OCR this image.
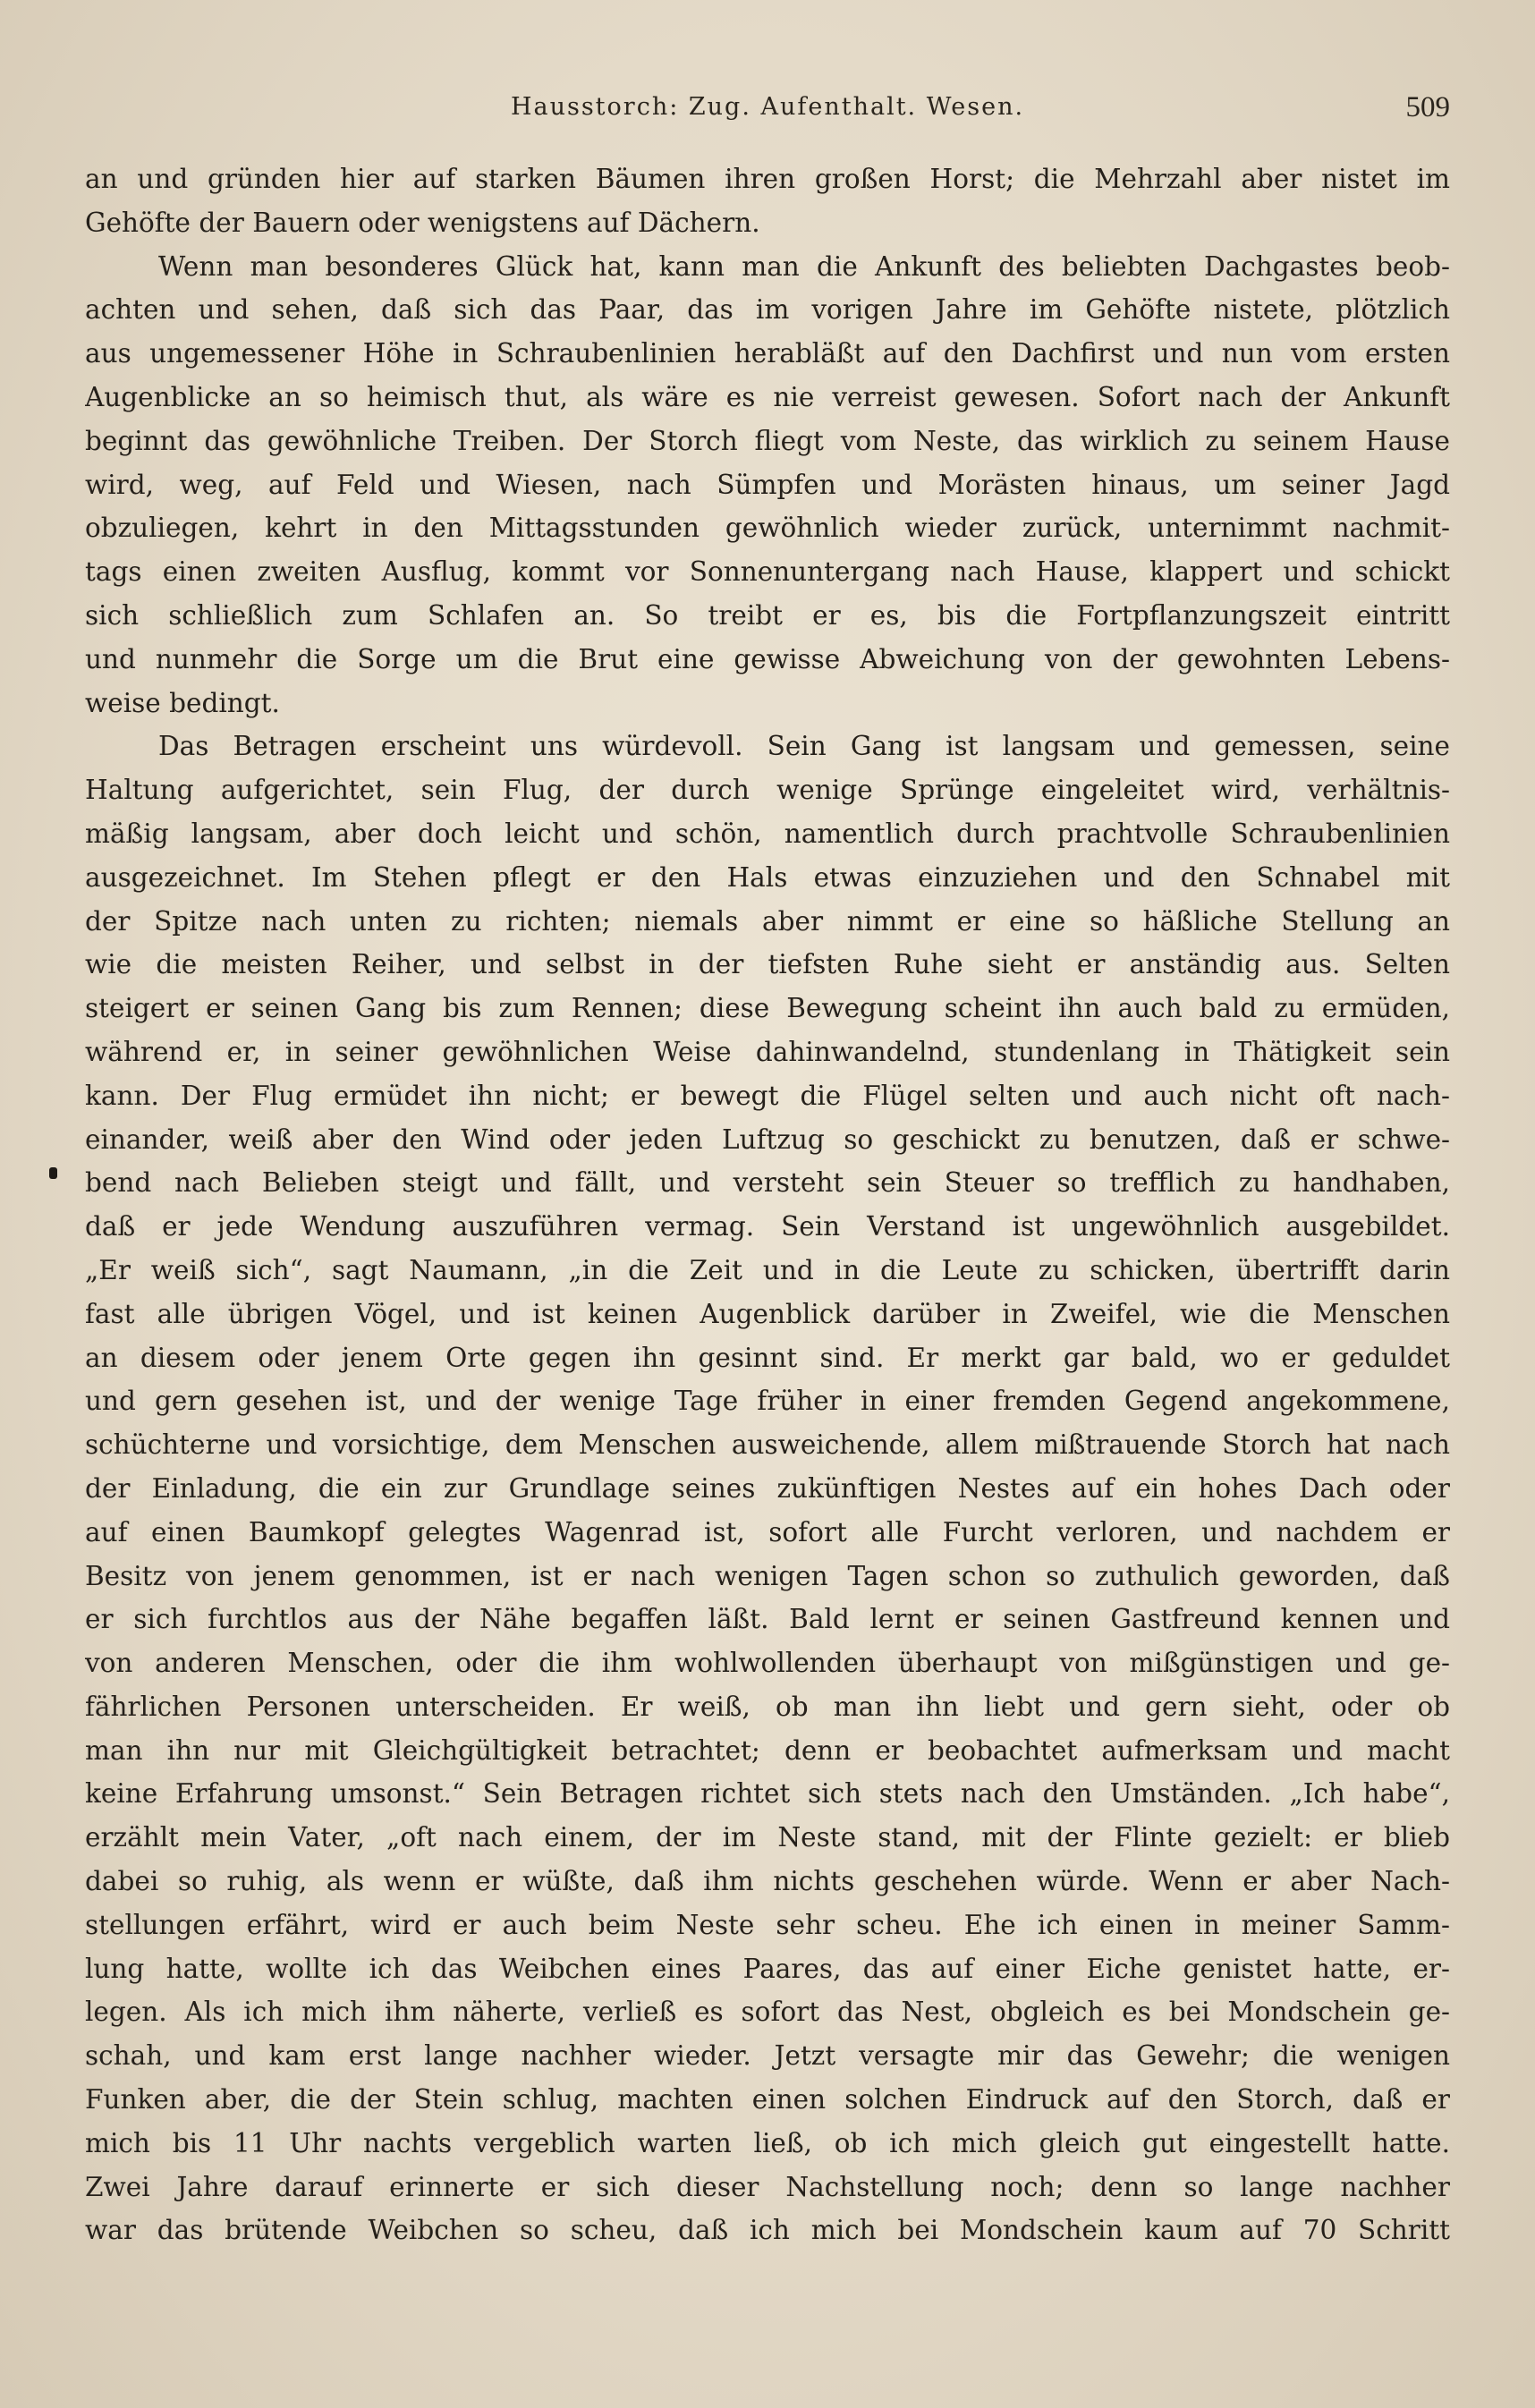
Hausstorch: Zug. Aufenthalt. Wesen.	509
an und gründen hier auf starken Bäumen ihren großen Horst; die Mehrzahl aber nistet im
Gehöfte der Bauern oder wenigstens auf Dächern.
Wenn man besonderes Glück hat, kann man die Ankunft des beliebten Dachgastes beob-
achten und sehen, daß sich das Paar, das im vorigen Jahre im Gehöfte nistete, plötzlich
aus ungemessener Höhe in Schraubenlinien herabläßt auf den Dachfirst und nun vom ersten
Augenblicke an so heimisch thut, als wäre es nie verreist gewesen. Sofort nach der Ankunft
beginnt das gewöhnliche Treiben. Der Storch fliegt vom Neste, das wirklich zu seinem Hause
wird, weg, auf Feld und Wiesen, nach Sümpfen und Morästen hinaus, um seiner Jagd
obzuliegen, kehrt in den Mittagsstunden gewöhnlich wieder zurück, unternimmt nachmit-
tags einen zweiten Ausflug, kommt vor Sonnenuntergang nach Hause, klappert und schickt
sich schließlich zum Schlafen an. So treibt er es, bis die Fortpflanzungszeit eintritt
und nunmehr die Sorge um die Brut eine gewisse Abweichung von der gewohnten Lebens-
weise bedingt.
Das Betragen erscheint uns würdevoll. Sein Gang ist langsam und gemessen, seine
Haltung aufgerichtet, sein Flug, der durch wenige Sprünge eingeleitet wird, verhältnis-
mäßig langsam, aber doch leicht und schön, namentlich durch prachtvolle Schraubenlinien
ausgezeichnet. Im Stehen pflegt er den Hals etwas einzuziehen und den Schnabel mit
der Spitze nach unten zu richten; niemals aber nimmt er eine so häßliche Stellung an
wie die meisten Reiher, und selbst in der tiefsten Ruhe sieht er anständig aus. Selten
steigert er seinen Gang bis zum Rennen; diese Bewegung scheint ihn auch bald zu ermüden,
während er, in seiner gewöhnlichen Weise dahinwandelnd, stundenlang in Thätigkeit sein
kann. Der Flug ermüdet ihn nicht; er bewegt die Flügel selten und auch nicht oft nach-
einander, weiß aber den Wind oder jeden Luftzug so geschickt zu benutzen, daß er schwe-
bend nach Belieben steigt und fällt, und versteht sein Steuer so trefflich zu handhaben,
daß er jede Wendung auszuführen vermag. Sein Verstand ist ungewöhnlich ausgebildet.
„Er weiß sich“, sagt Naumann, „in die Zeit und in die Leute zu schicken, übertrifft darin
fast alle übrigen Vögel, und ist keinen Augenblick darüber in Zweifel, wie die Menschen
an diesem oder jenem Orte gegen ihn gesinnt sind. Er merkt gar bald, wo er geduldet
und gern gesehen ist, und der wenige Tage früher in einer fremden Gegend angekommene,
schüchterne und vorsichtige, dem Menschen ausweichende, allem mißtrauende Storch hat nach
der Einladung, die ein zur Grundlage seines zukünftigen Nestes auf ein hohes Dach oder
auf einen Baumkopf gelegtes Wagenrad ist, sofort alle Furcht verloren, und nachdem er
Besitz von jenem genommen, ist er nach wenigen Tagen schon so zuthulich geworden, daß
er sich furchtlos aus der Nähe begaffen läßt. Bald lernt er seinen Gastfreund kennen und
von anderen Menschen, oder die ihm wohlwollenden überhaupt von mißgünstigen und ge-
fährlichen Personen unterscheiden. Er weiß, ob man ihn liebt und gern sieht, oder ob
man ihn nur mit Gleichgültigkeit betrachtet; denn er beobachtet aufmerksam und macht
keine Erfahrung umsonst.“ Sein Betragen richtet sich stets nach den Umständen. „Ich habe“,
erzählt mein Vater, „oft nach einem, der im Neste stand, mit der Flinte gezielt: er blieb
dabei so ruhig, als wenn er wüßte, daß ihm nichts geschehen würde. Wenn er aber Nach-
stellungen erfährt, wird er auch beim Neste sehr scheu. Ehe ich einen in meiner Samm-
lung hatte, wollte ich das Weibchen eines Paares, das auf einer Eiche genistet hatte, er-
legen. Als ich mich ihm näherte, verließ es sofort das Nest, obgleich es bei Mondschein ge-
schah, und kam erst lange nachher wieder. Jetzt versagte mir das Gewehr; die wenigen
Funken aber, die der Stein schlug, machten einen solchen Eindruck auf den Storch, daß er
mich bis 11 Uhr nachts vergeblich warten ließ, ob ich mich gleich gut eingestellt hatte.
Zwei Jahre darauf erinnerte er sich dieser Nachstellung noch; denn so lange nachher
war das brütende Weibchen so scheu, daß ich mich bei Mondschein kaum auf 70 Schritt
